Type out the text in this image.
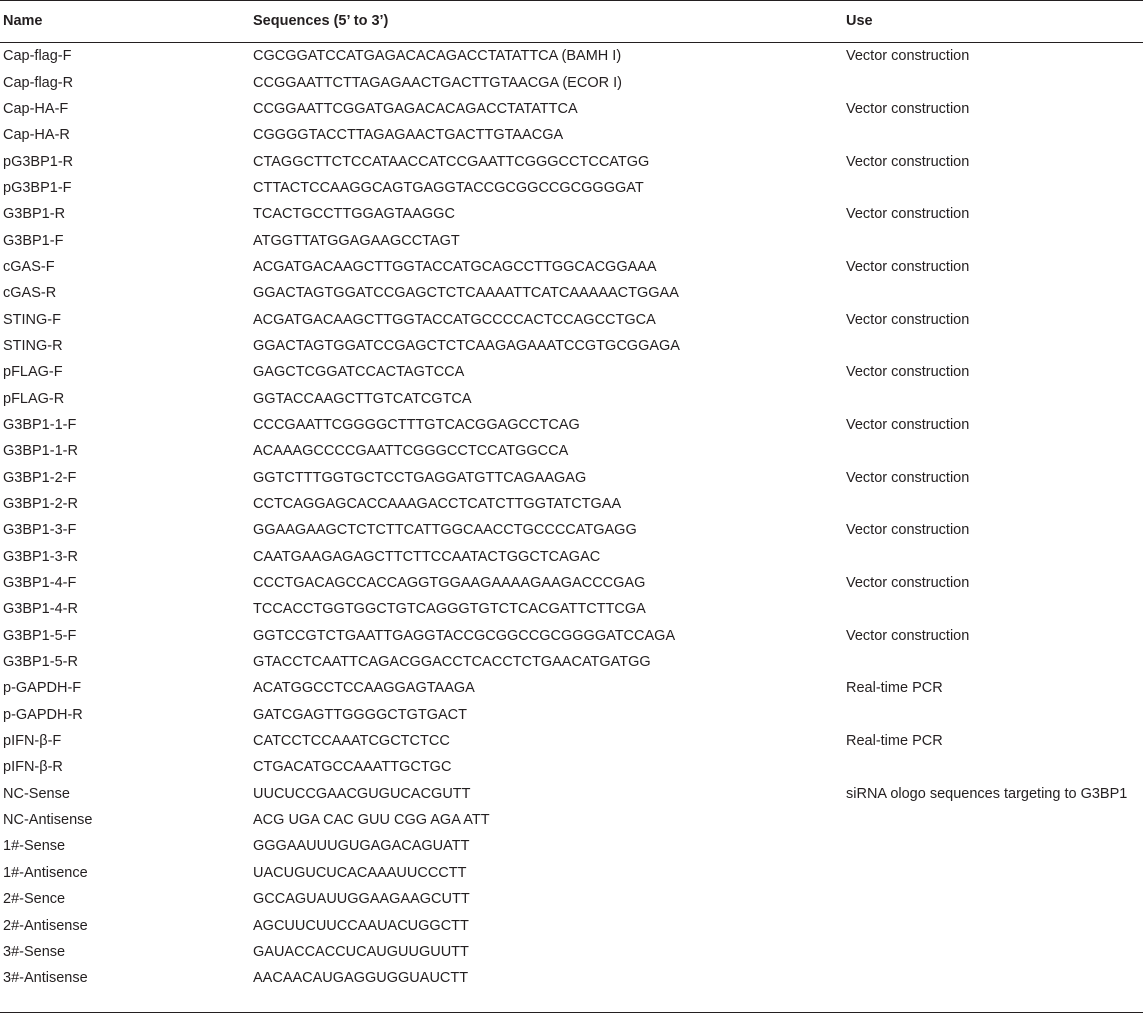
Name	Sequences (5’ to 3’)	Use
Cap-flag-F	CGCGGATCCATGAGACACAGACCTATATTCA (BAMH I)	Vector construction
Cap-flag-R	CCGGAATTCTTAGAGAACTGACTTGTAACGA (ECOR I)	
Cap-HA-F	CCGGAATTCGGATGAGACACAGACCTATATTCA	Vector construction
Cap-HA-R	CGGGGTACCTTAGAGAACTGACTTGTAACGA	
pG3BP1-R	CTAGGCTTCTCCATAACCATCCGAATTCGGGCCTCCATGG	Vector construction
pG3BP1-F	CTTACTCCAAGGCAGTGAGGTACCGCGGCCGCGGGGAT	
G3BP1-R	TCACTGCCTTGGAGTAAGGC	Vector construction
G3BP1-F	ATGGTTATGGAGAAGCCTAGT	
cGAS-F	ACGATGACAAGCTTGGTACCATGCAGCCTTGGCACGGAAA	Vector construction
cGAS-R	GGACTAGTGGATCCGAGCTCTCAAAATTCATCAAAAACTGGAA	
STING-F	ACGATGACAAGCTTGGTACCATGCCCCACTCCAGCCTGCA	Vector construction
STING-R	GGACTAGTGGATCCGAGCTCTCAAGAGAAATCCGTGCGGAGA	
pFLAG-F	GAGCTCGGATCCACTAGTCCA	Vector construction
pFLAG-R	GGTACCAAGCTTGTCATCGTCA	
G3BP1-1-F	CCCGAATTCGGGGCTTTGTCACGGAGCCTCAG	Vector construction
G3BP1-1-R	ACAAAGCCCCGAATTCGGGCCTCCATGGCCA	
G3BP1-2-F	GGTCTTTGGTGCTCCTGAGGATGTTCAGAAGAG	Vector construction
G3BP1-2-R	CCTCAGGAGCACCAAAGACCTCATCTTGGTATCTGAA	
G3BP1-3-F	GGAAGAAGCTCTCTTCATTGGCAACCTGCCCCATGAGG	Vector construction
G3BP1-3-R	CAATGAAGAGAGCTTCTTCCAATACTGGCTCAGAC	
G3BP1-4-F	CCCTGACAGCCACCAGGTGGAAGAAAAGAAGACCCGAG	Vector construction
G3BP1-4-R	TCCACCTGGTGGCTGTCAGGGTGTCTCACGATTCTTCGA	
G3BP1-5-F	GGTCCGTCTGAATTGAGGTACCGCGGCCGCGGGGATCCAGA	Vector construction
G3BP1-5-R	GTACCTCAATTCAGACGGACCTCACCTCTGAACATGATGG	
p-GAPDH-F	ACATGGCCTCCAAGGAGTAAGA	Real-time PCR
p-GAPDH-R	GATCGAGTTGGGGCTGTGACT	
pIFN-β-F	CATCCTCCAAATCGCTCTCC	Real-time PCR
pIFN-β-R	CTGACATGCCAAATTGCTGC	
NC-Sense	UUCUCCGAACGUGUCACGUTT	siRNA ologo sequences targeting to G3BP1
NC-Antisense	ACG UGA CAC GUU CGG AGA ATT	
1#-Sense	GGGAAUUUGUGAGACAGUATT	
1#-Antisence	UACUGUCUCACAAAUUCCCTT	
2#-Sence	GCCAGUAUUGGAAGAAGCUTT	
2#-Antisense	AGCUUCUUCCAAUACUGGCTT	
3#-Sense	GAUACCACCUCAUGUUGUUTT	
3#-Antisense	AACAACAUGAGGUGGUAUCTT	
